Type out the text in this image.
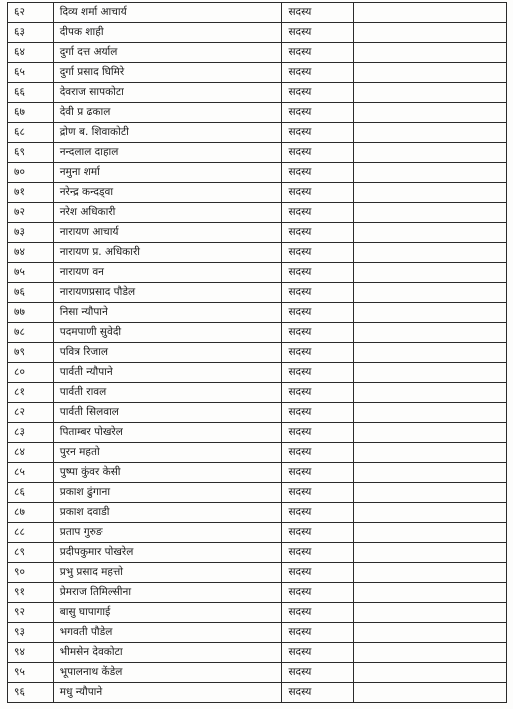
६२	दिव्य शर्मा आचार्य	सदस्य	
६३	दीपक शाही	सदस्य	
६४	दुर्गा दत्त अर्याल	सदस्य	
६५	दुर्गा प्रसाद घिमिरे	सदस्य	
६६	देवराज सापकोटा	सदस्य	
६७	देवी प्र ढकाल	सदस्य	
६८	द्रोण ब. शिवाकोटी	सदस्य	
६९	नन्दलाल दाहाल	सदस्य	
७०	नमुना शर्मा	सदस्य	
७१	नरेन्द्र कन्दड्वा	सदस्य	
७२	नरेश अधिकारी	सदस्य	
७३	नारायण आचार्य	सदस्य	
७४	नारायण प्र. अधिकारी	सदस्य	
७५	नारायण वन	सदस्य	
७६	नारायणप्रसाद पौडेल	सदस्य	
७७	निसा न्यौपाने	सदस्य	
७८	पदमपाणी सुवेदी	सदस्य	
७९	पवित्र रिजाल	सदस्य	
८०	पार्वती न्यौपाने	सदस्य	
८१	पार्वती रावल	सदस्य	
८२	पार्वती सिलवाल	सदस्य	
८३	पिताम्बर पोखरेल	सदस्य	
८४	पुरन महतो	सदस्य	
८५	पुष्पा कुंवर केसी	सदस्य	
८६	प्रकाश ढुंगाना	सदस्य	
८७	प्रकाश दवाडी	सदस्य	
८८	प्रताप गुरुङ	सदस्य	
८९	प्रदीपकुमार पोखरेल	सदस्य	
९०	प्रभु प्रसाद महत्तो	सदस्य	
९१	प्रेमराज तिमिल्सीना	सदस्य	
९२	बासु घापागाई	सदस्य	
९३	भगवती पौडेल	सदस्य	
९४	भीमसेन देवकोटा	सदस्य	
९५	भूपालनाथ केंडेल	सदस्य	
९६	मधु न्यौपाने	सदस्य	
